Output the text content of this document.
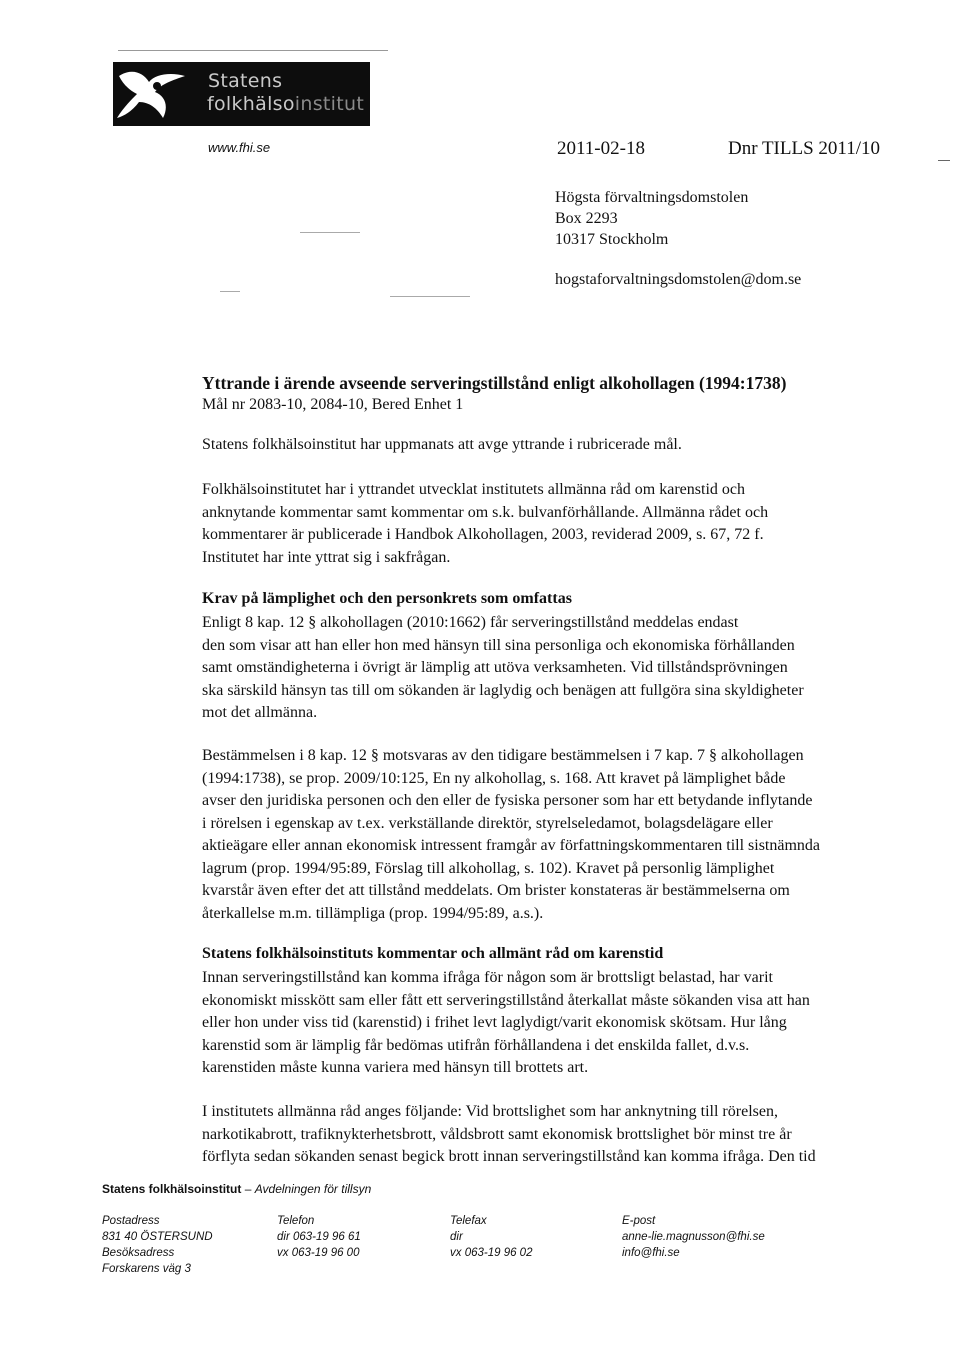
Statens
folkhälsoinstitut
www.fhi.se	2011-02-18	Dnr TILLS 2011/10
Högsta förvaltningsdomstolen
Box 2293
10317 Stockholm
hogstaforvaltningsdomstolen@dom.se
Yttrande i ärende avseende serveringstillstånd enligt alkohollagen (1994:1738)
Mål nr 2083-10, 2084-10, Bered Enhet 1
Statens folkhälsoinstitut har uppmanats att avge yttrande i rubricerade mål.
Folkhälsoinstitutet har i yttrandet utvecklat institutets allmänna råd om karenstid och
anknytande kommentar samt kommentar om s.k. bulvanförhållande. Allmänna rådet och
kommentarer är publicerade i Handbok Alkohollagen, 2003, reviderad 2009, s. 67, 72 f.
Institutet har inte yttrat sig i sakfrågan.
Krav på lämplighet och den personkrets som omfattas
Enligt 8 kap. 12 § alkohollagen (2010:1662) får serveringstillstånd meddelas endast
den som visar att han eller hon med hänsyn till sina personliga och ekonomiska förhållanden
samt omständigheterna i övrigt är lämplig att utöva verksamheten. Vid tillståndsprövningen
ska särskild hänsyn tas till om sökanden är laglydig och benägen att fullgöra sina skyldigheter
mot det allmänna.
Bestämmelsen i 8 kap. 12 § motsvaras av den tidigare bestämmelsen i 7 kap. 7 § alkohollagen
(1994:1738), se prop. 2009/10:125, En ny alkohollag, s. 168. Att kravet på lämplighet både
avser den juridiska personen och den eller de fysiska personer som har ett betydande inflytande
i rörelsen i egenskap av t.ex. verkställande direktör, styrelseledamot, bolagsdelägare eller
aktieägare eller annan ekonomisk intressent framgår av författningskommentaren till sistnämnda
lagrum (prop. 1994/95:89, Förslag till alkohollag, s. 102). Kravet på personlig lämplighet
kvarstår även efter det att tillstånd meddelats. Om brister konstateras är bestämmelserna om
återkallelse m.m. tillämpliga (prop. 1994/95:89, a.s.).
Statens folkhälsoinstituts kommentar och allmänt råd om karenstid
Innan serveringstillstånd kan komma ifråga för någon som är brottsligt belastad, har varit
ekonomiskt misskött sam eller fått ett serveringstillstånd återkallat måste sökanden visa att han
eller hon under viss tid (karenstid) i frihet levt laglydigt/varit ekonomisk skötsam. Hur lång
karenstid som är lämplig får bedömas utifrån förhållandena i det enskilda fallet, d.v.s.
karenstiden måste kunna variera med hänsyn till brottets art.
I institutets allmänna råd anges följande: Vid brottslighet som har anknytning till rörelsen,
narkotikabrott, trafiknykterhetsbrott, våldsbrott samt ekonomisk brottslighet bör minst tre år
förflyta sedan sökanden senast begick brott innan serveringstillstånd kan komma ifråga. Den tid
Statens folkhälsoinstitut – Avdelningen för tillsyn
Postadress
831 40 ÖSTERSUND
Besöksadress
Forskarens väg 3
Telefon
dir 063-19 96 61
vx 063-19 96 00
Telefax
dir
vx 063-19 96 02
E-post
anne-lie.magnusson@fhi.se
info@fhi.se
